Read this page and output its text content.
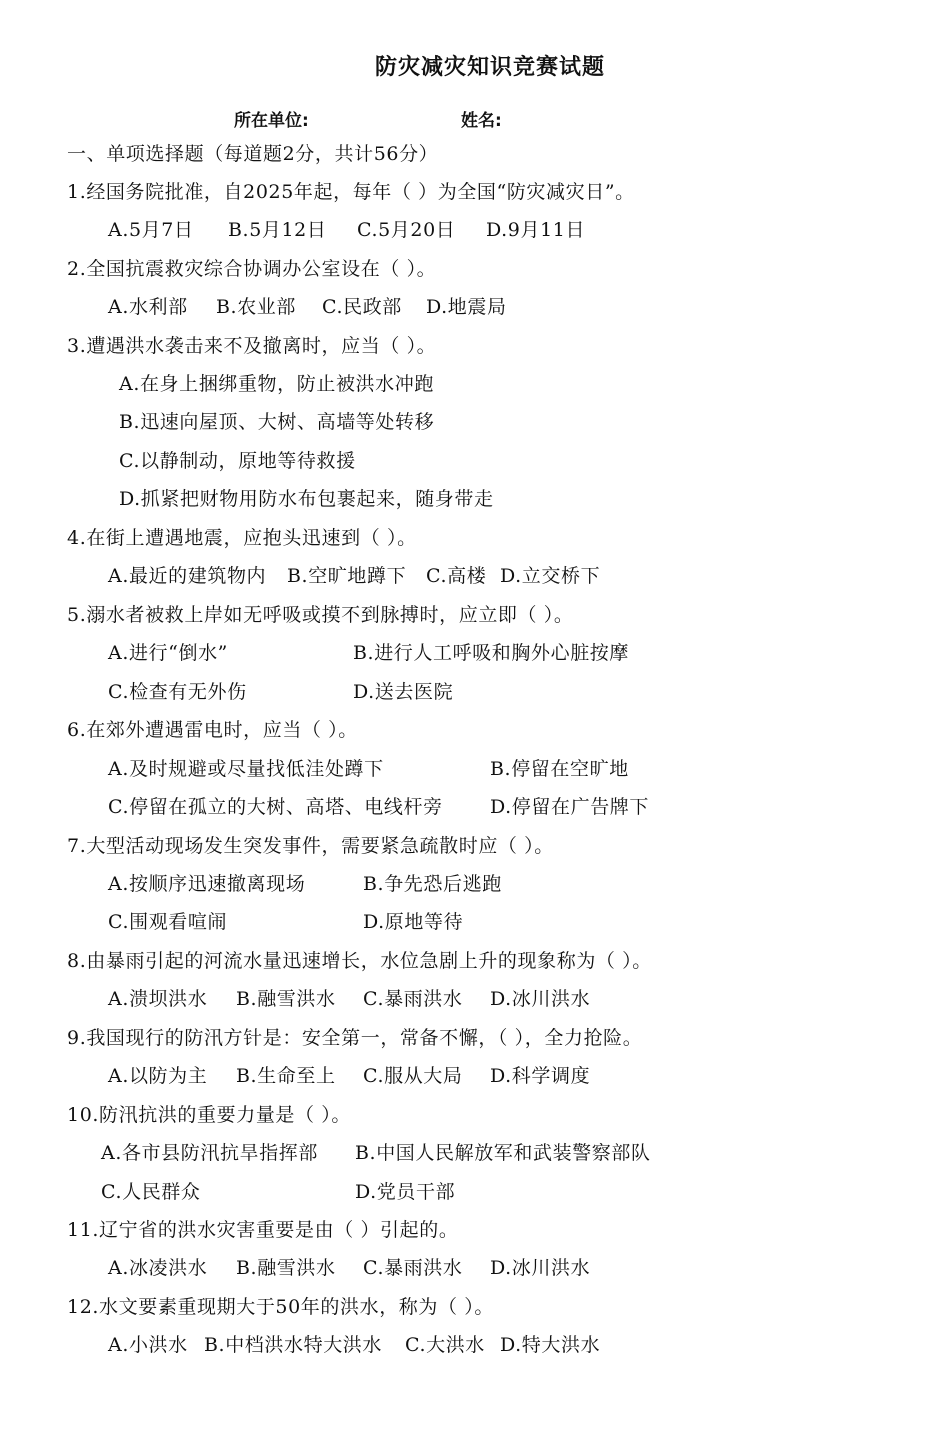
防灾减灾知识竞赛试题
所在单位:	姓名:
一、单项选择题（每道题2分，共计56分）
1.经国务院批准，自2025年起，每年（ ）为全国“防灾减灾日”。
A.5月7日 B.5月12日 C.5月20日 D.9月11日
2.全国抗震救灾综合协调办公室设在（ ）。
A.水利部 B.农业部 C.民政部 D.地震局
3.遭遇洪水袭击来不及撤离时，应当（ ）。
A.在身上捆绑重物，防止被洪水冲跑
B.迅速向屋顶、大树、高墙等处转移
C.以静制动，原地等待救援
D.抓紧把财物用防水布包裹起来，随身带走
4.在街上遭遇地震，应抱头迅速到（ ）。
A.最近的建筑物内 B.空旷地蹲下 C.高楼 D.立交桥下
5.溺水者被救上岸如无呼吸或摸不到脉搏时，应立即（ ）。
A.进行“倒水”	B.进行人工呼吸和胸外心脏按摩
C.检查有无外伤	D.送去医院
6.在郊外遭遇雷电时，应当（ ）。
A.及时规避或尽量找低洼处蹲下	B.停留在空旷地
C.停留在孤立的大树、高塔、电线杆旁 D.停留在广告牌下
7.大型活动现场发生突发事件，需要紧急疏散时应（ ）。
A.按顺序迅速撤离现场	B.争先恐后逃跑
C.围观看喧闹	D.原地等待
8.由暴雨引起的河流水量迅速增长，水位急剧上升的现象称为（ ）。
A.溃坝洪水 B.融雪洪水 C.暴雨洪水 D.冰川洪水
9.我国现行的防汛方针是：安全第一，常备不懈，（ ），全力抢险。
A.以防为主 B.生命至上 C.服从大局 D.科学调度
10.防汛抗洪的重要力量是（ ）。
A.各市县防汛抗旱指挥部 B.中国人民解放军和武装警察部队
C.人民群众	D.党员干部
11.辽宁省的洪水灾害重要是由（ ）引起的。
A.冰凌洪水 B.融雪洪水 C.暴雨洪水 D.冰川洪水
12.水文要素重现期大于50年的洪水，称为（ ）。
A.小洪水 B.中档洪水特大洪水 C.大洪水 D.特大洪水
